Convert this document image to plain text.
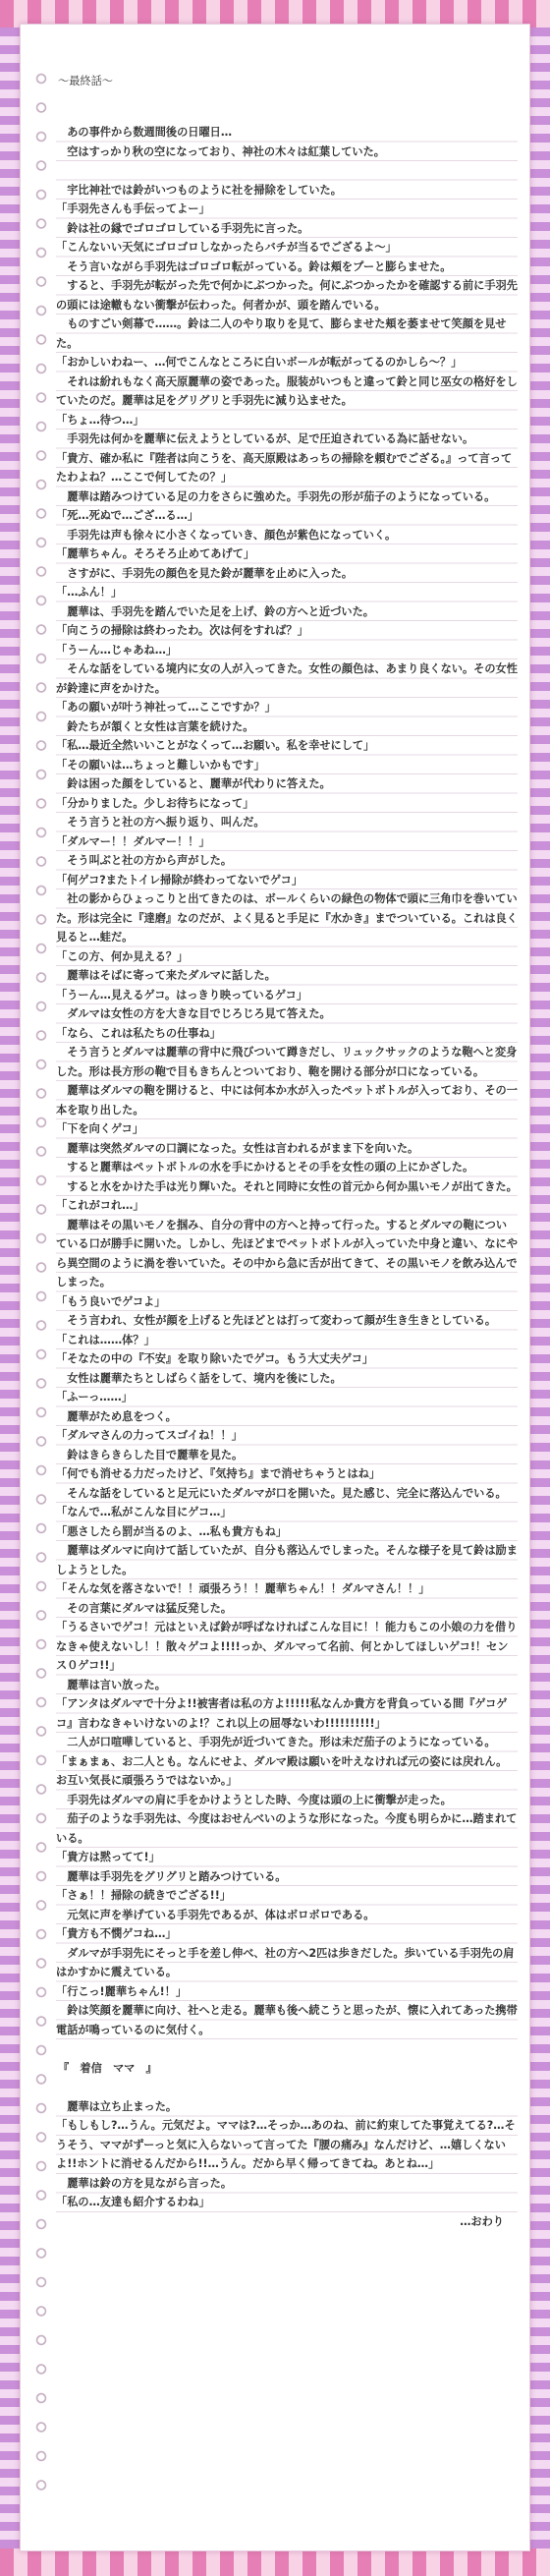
〜最終話〜

　あの事件から数週間後の日曜日…

　空はすっかり秋の空になっており、神社の木々は紅葉していた。

　宇比神社では鈴がいつものように社を掃除をしていた。

「手羽先さんも手伝ってよー」

　鈴は社の縁でゴロゴロしている手羽先に言った。

「こんないい天気にゴロゴロしなかったらバチが当るでござるよ〜」

　そう言いながら手羽先はゴロゴロ転がっている。鈴は頬をプーと膨らませた。

　すると、手羽先が転がった先で何かにぶつかった。何にぶつかったかを確認する前に手羽先の頭には途轍もない衝撃が伝わった。何者かが、頭を踏んでいる。

　ものすごい剣幕で……。鈴は二人のやり取りを見て、膨らませた頬を萎ませて笑顔を見せた。

「おかしいわねー、…何でこんなところに白いボールが転がってるのかしら〜？」

　それは紛れもなく高天原麗華の姿であった。服装がいつもと違って鈴と同じ巫女の格好をしていたのだ。麗華は足をグリグリと手羽先に減り込ませた。

「ちょ…待つ…」

　手羽先は何かを麗華に伝えようとしているが、足で圧迫されている為に話せない。

「貴方、確か私に『陛者は向こうを、高天原殿はあっちの掃除を頼むでござる。』って言ってたわよね？…ここで何してたの？」

　麗華は踏みつけている足の力をさらに強めた。手羽先の形が茄子のようになっている。

「死…死ぬで…ござ…る…」

　手羽先は声も徐々に小さくなっていき、顔色が紫色になっていく。

「麗華ちゃん。そろそろ止めてあげて」

　さすがに、手羽先の顔色を見た鈴が麗華を止めに入った。

「…ふん！」

　麗華は、手羽先を踏んでいた足を上げ、鈴の方へと近づいた。

「向こうの掃除は終わったわ。次は何をすれば？」

「うーん…じゃあね…」

　そんな話をしている境内に女の人が入ってきた。女性の顔色は、あまり良くない。その女性が鈴達に声をかけた。

「あの願いが叶う神社って…ここですか？」

　鈴たちが頷くと女性は言葉を続けた。

「私…最近全然いいことがなくって…お願い。私を幸せにして」

「その願いは…ちょっと難しいかもです」

　鈴は困った顔をしていると、麗華が代わりに答えた。

「分かりました。少しお待ちになって」

　そう言うと社の方へ振り返り、叫んだ。

「ダルマー！！ダルマー！！」

　そう叫ぶと社の方から声がした。

「何ゲコ?またトイレ掃除が終わってないでゲコ」

　社の影からひょっこりと出てきたのは、ボールくらいの緑色の物体で頭に三角巾を巻いていた。形は完全に『達磨』なのだが、よく見ると手足に『水かき』までついている。これは良く見ると…蛙だ。

「この方、何か見える？」

　麗華はそばに寄って来たダルマに話した。

「うーん…見えるゲコ。はっきり映っているゲコ」

　ダルマは女性の方を大きな目でじろじろ見て答えた。

「なら、これは私たちの仕事ね」

　そう言うとダルマは麗華の背中に飛びついて蹲きだし、リュックサックのような鞄へと変身した。形は長方形の鞄で目もきちんとついており、鞄を開ける部分が口になっている。

　麗華はダルマの鞄を開けると、中には何本か水が入ったペットボトルが入っており、その一本を取り出した。

「下を向くゲコ」

　麗華は突然ダルマの口調になった。女性は言われるがまま下を向いた。

　すると麗華はペットボトルの水を手にかけるとその手を女性の頭の上にかざした。

　すると水をかけた手は光り輝いた。それと同時に女性の首元から何か黒いモノが出てきた。

「これがコれ…」

　麗華はその黒いモノを掴み、自分の背中の方へと持って行った。するとダルマの鞄についている口が勝手に開いた。しかし、先ほどまでペットボトルが入っていた中身と違い、なにやら異空間のように渦を巻いていた。その中から急に舌が出てきて、その黒いモノを飲み込んでしまった。

「もう良いでゲコよ」

　そう言われ、女性が顔を上げると先ほどとは打って変わって顔が生き生きとしている。

「これは……体？」

「そなたの中の『不安』を取り除いたでゲコ。もう大丈夫ゲコ」

　女性は麗華たちとしばらく話をして、境内を後にした。

「ふーっ……」

　麗華がため息をつく。

「ダルマさんの力ってスゴイね！！」

　鈴はきらきらした目で麗華を見た。

「何でも消せる力だったけど、『気持ち』まで消せちゃうとはね」

　そんな話をしていると足元にいたダルマが口を開いた。見た感じ、完全に落込んでいる。

「なんで…私がこんな目にゲコ…」

「悪さしたら罰が当るのよ、…私も貴方もね」

　麗華はダルマに向けて話していたが、自分も落込んでしまった。そんな様子を見て鈴は励ましようとした。

「そんな気を落さないで！！頑張ろう！！麗華ちゃん！！ダルマさん！！」

　その言葉にダルマは猛反発した。

「うるさいでゲコ！元はといえば鈴が呼ばなければこんな目に！！能力もこの小娘の力を借りなきゃ使えないし！！散々ゲコよ!!!!っか、ダルマって名前、何とかしてほしいゲコ!！センス０ゲコ!!」

　麗華は言い放った。

「アンタはダルマで十分よ!!被害者は私の方よ!!!!!私なんか貴方を背負っている間『ゲコゲコ』言わなきゃいけないのよ!？これ以上の屈辱ないわ!!!!!!!!!!」

　二人が口喧嘩していると、手羽先が近づいてきた。形は未だ茄子のようになっている。

「まぁまぁ、お二人とも。なんにせよ、ダルマ殿は願いを叶えなければ元の姿には戻れん。お互い気長に頑張ろうではないか。」

　手羽先はダルマの肩に手をかけようとした時、今度は頭の上に衝撃が走った。

　茄子のような手羽先は、今度はおせんべいのような形になった。今度も明らかに…踏まれている。

「貴方は黙ってて!」

　麗華は手羽先をグリグリと踏みつけている。

「さぁ！！掃除の続きでござる!!」

　元気に声を挙げている手羽先であるが、体はボロボロである。

「貴方も不憫ゲコね…」

　ダルマが手羽先にそっと手を差し伸べ、社の方へ2匹は歩きだした。歩いている手羽先の肩はかすかに震えている。

「行こっ!麗華ちゃん!！」

　鈴は笑顔を麗華に向け、社へと走る。麗華も後へ続こうと思ったが、懐に入れてあった携帯電話が鳴っているのに気付く。

『　着信　ママ　』

　麗華は立ち止まった。

「もしもし?…うん。元気だよ。ママは?…そっか…あのね、前に約束してた事覚えてる?…そうそう、ママがずーっと気に入らないって言ってた『腰の痛み』なんだけど、…嬉しくないよ!!ホントに消せるんだから!!…うん。だから早く帰ってきてね。あとね…」

　麗華は鈴の方を見ながら言った。

「私の…友達も紹介するわね」

…おわり
